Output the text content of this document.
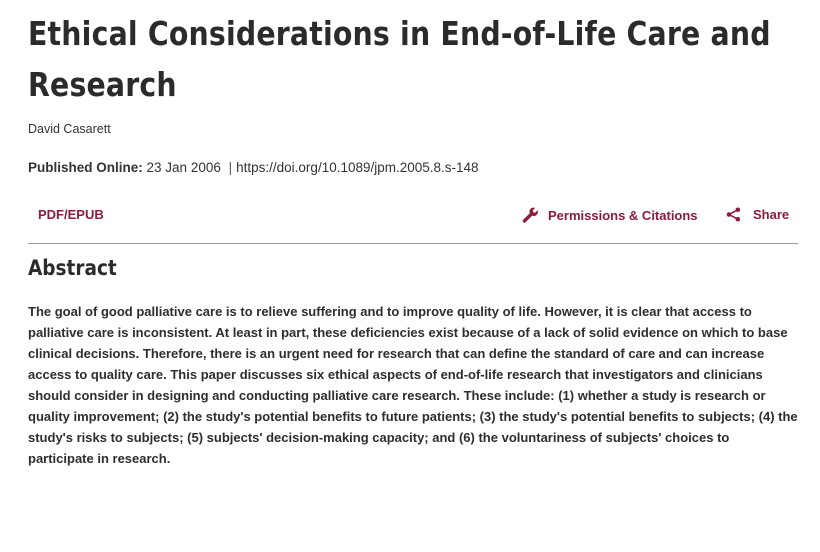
Ethical Considerations in End-of-Life Care and Research
David Casarett
Published Online: 23 Jan 2006 | https://doi.org/10.1089/jpm.2005.8.s-148
PDF/EPUB	Permissions & Citations	Share
Abstract

The goal of good palliative care is to relieve suffering and to improve quality of life. However, it is clear that access to palliative care is inconsistent. At least in part, these deficiencies exist because of a lack of solid evidence on which to base clinical decisions. Therefore, there is an urgent need for research that can define the standard of care and can increase access to quality care. This paper discusses six ethical aspects of end-of-life research that investigators and clinicians should consider in designing and conducting palliative care research. These include: (1) whether a study is research or quality improvement; (2) the study's potential benefits to future patients; (3) the study's potential benefits to subjects; (4) the study's risks to subjects; (5) subjects' decision-making capacity; and (6) the voluntariness of subjects' choices to participate in research.
